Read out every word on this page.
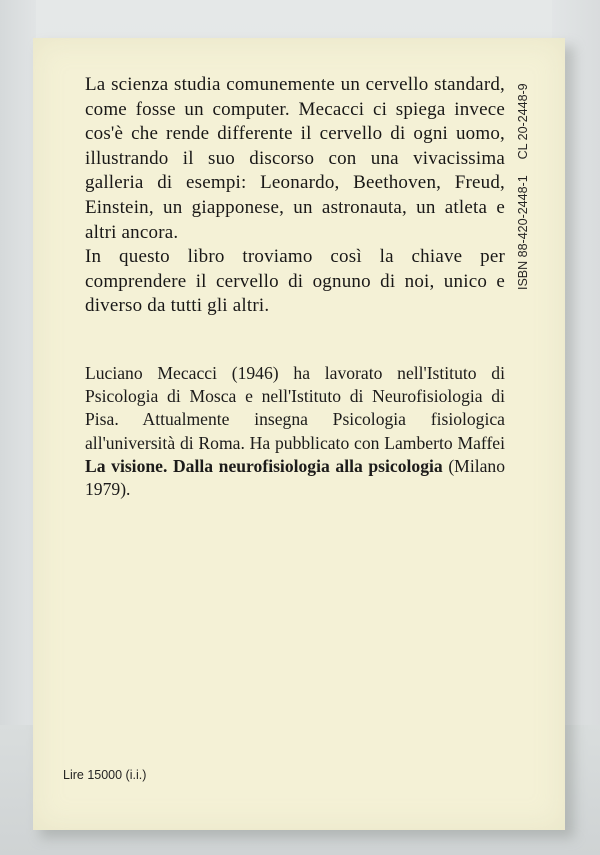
La scienza studia comunemente un cervello standard, come fosse un computer. Mecacci ci spiega invece cos'è che rende differente il cervello di ogni uomo, illustrando il suo discorso con una vivacissima galleria di esempi: Leonardo, Beethoven, Freud, Einstein, un giapponese, un astronauta, un atleta e altri ancora.
In questo libro troviamo così la chiave per comprendere il cervello di ognuno di noi, unico e diverso da tutti gli altri.

Luciano Mecacci (1946) ha lavorato nell'Istituto di Psicologia di Mosca e nell'Istituto di Neurofisiologia di Pisa. Attualmente insegna Psicologia fisiologica all'università di Roma. Ha pubblicato con Lamberto Maffei La visione. Dalla neurofisiologia alla psicologia (Milano 1979).

ISBN 88-420-2448-1CL 20-2448-9
Lire 15000 (i.i.)
